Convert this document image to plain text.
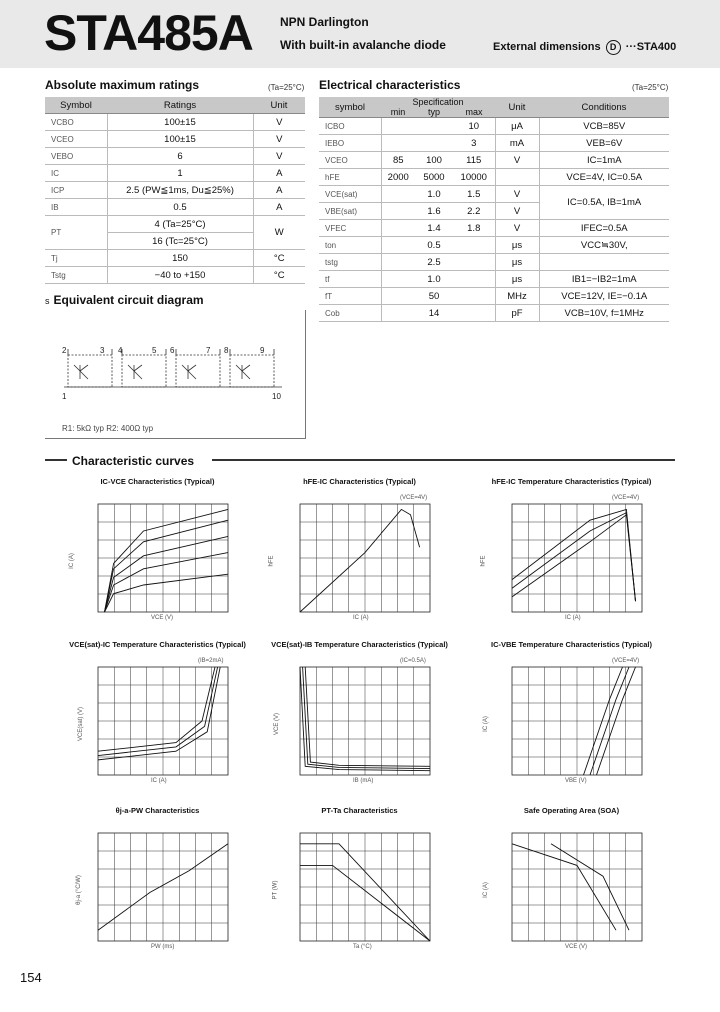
STA485A NPN Darlington
With built-in avalanche diode	External dimensions D ···STA400
Absolute maximum ratings	(Ta=25°C)
Symbol	Ratings	Unit
VCBO	100±15	V
VCEO	100±15	V
VEBO	6	V
IC	1	A
ICP	2.5 (PW≦1ms, Du≦25%)	A
IB	0.5	A
PT	4 (Ta=25°C)	W
	16 (Tc=25°C)	
Tj	150	°C
Tstg	−40 to +150	°C
Electrical characteristics	(Ta=25°C)
symbol	Specification			Unit	Conditions
	min	typ	max		
ICBO			10	μA	VCB=85V
IEBO			3	mA	VEB=6V
VCEO	85	100	115	V	IC=1mA
hFE	2000	5000	10000		VCE=4V, IC=0.5A
VCE(sat)		1.0	1.5	V	IC=0.5A, IB=1mA
VBE(sat)		1.6	2.2	V	
VFEC		1.4	1.8	V	IFEC=0.5A
ton		0.5		μs	VCC≒30V,
tstg		2.5		μs	
tf		1.0		μs	IB1=−IB2=1mA
fT		50		MHz	VCE=12V, IE=−0.1A
Cob		14		pF	VCB=10V, f=1MHz
s Equivalent circuit diagram
2	3 4	5 6	7 8	9
1	10
R1: 5kΩ typ R2: 400Ω typ
Characteristic curves
IC-VCE Characteristics (Typical)
VCE (V)
IC (A)
hFE-IC Characteristics (Typical)
IC (A)
hFE
(VCE=4V)
hFE-IC Temperature Characteristics (Typical)
IC (A)
hFE
(VCE=4V)
VCE(sat)-IC Temperature Characteristics (Typical)
IC (A)
VCE(sat) (V)
(IB=2mA)
VCE(sat)-IB Temperature Characteristics (Typical)
IB (mA)
VCE (V)
(IC=0.5A)
IC-VBE Temperature Characteristics (Typical)
VBE (V)
IC (A)
(VCE=4V)
θj-a-PW Characteristics
PW (ms)
θj-a (°C/W)
PT-Ta Characteristics
Ta (°C)
PT (W)
Safe Operating Area (SOA)
VCE (V)
IC (A)
154
